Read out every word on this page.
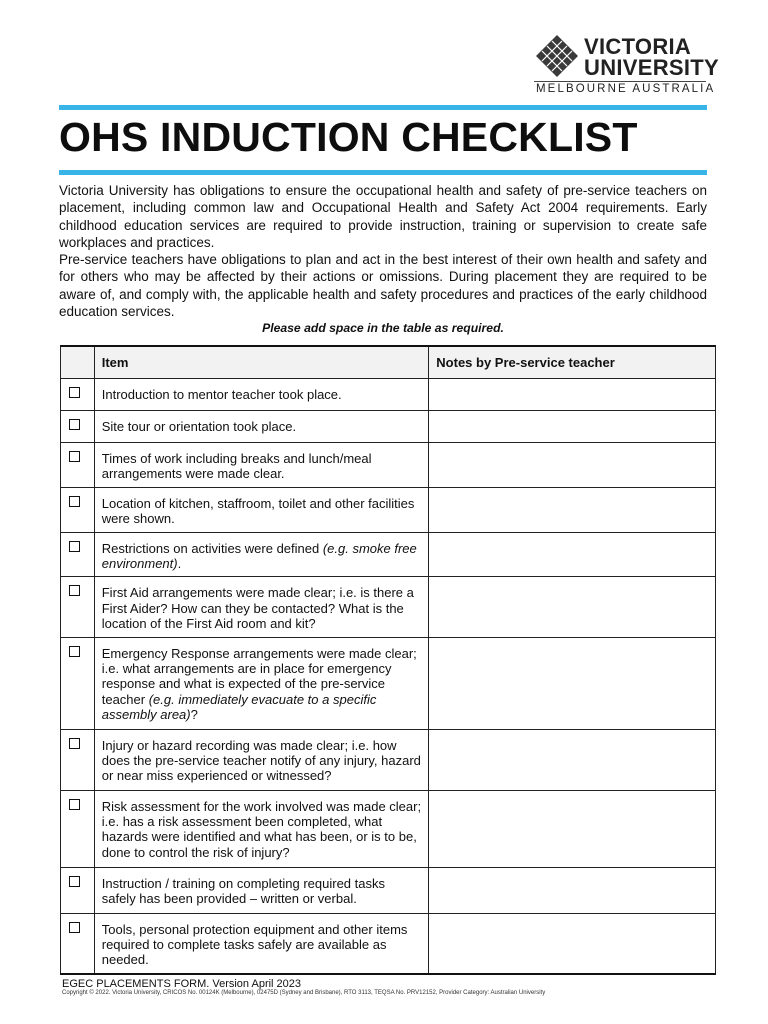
VICTORIA
UNIVERSITY
MELBOURNE AUSTRALIA
OHS INDUCTION CHECKLIST

Victoria University has obligations to ensure the occupational health and safety of pre-service teachers on placement, including common law and Occupational Health and Safety Act 2004 requirements. Early childhood education services are required to provide instruction, training or supervision to create safe workplaces and practices.

Pre-service teachers have obligations to plan and act in the best interest of their own health and safety and for others who may be affected by their actions or omissions. During placement they are required to be aware of, and comply with, the applicable health and safety procedures and practices of the early childhood education services.

Please add space in the table as required.
	Item	Notes by Pre-service teacher

	Introduction to mentor teacher took place.	

	Site tour or orientation took place.	

	Times of work including breaks and lunch/meal arrangements were made clear.	

	Location of kitchen, staffroom, toilet and other facilities were shown.	

	Restrictions on activities were defined (e.g. smoke free environment).	

	First Aid arrangements were made clear; i.e. is there a First Aider? How can they be contacted? What is the location of the First Aid room and kit?	

	Emergency Response arrangements were made clear; i.e. what arrangements are in place for emergency response and what is expected of the pre-service teacher (e.g. immediately evacuate to a specific assembly area)?	

	Injury or hazard recording was made clear; i.e. how does the pre-service teacher notify of any injury, hazard or near miss experienced or witnessed?	

	Risk assessment for the work involved was made clear; i.e. has a risk assessment been completed, what hazards were identified and what has been, or is to be, done to control the risk of injury?	

	Instruction / training on completing required tasks safely has been provided – written or verbal.	

	Tools, personal protection equipment and other items required to complete tasks safely are available as needed.	

EGEC PLACEMENTS FORM. Version April 2023
Copyright © 2022. Victoria University, CRICOS No. 00124K (Melbourne), 02475D (Sydney and Brisbane), RTO 3113, TEQSA No. PRV12152, Provider Category: Australian University
